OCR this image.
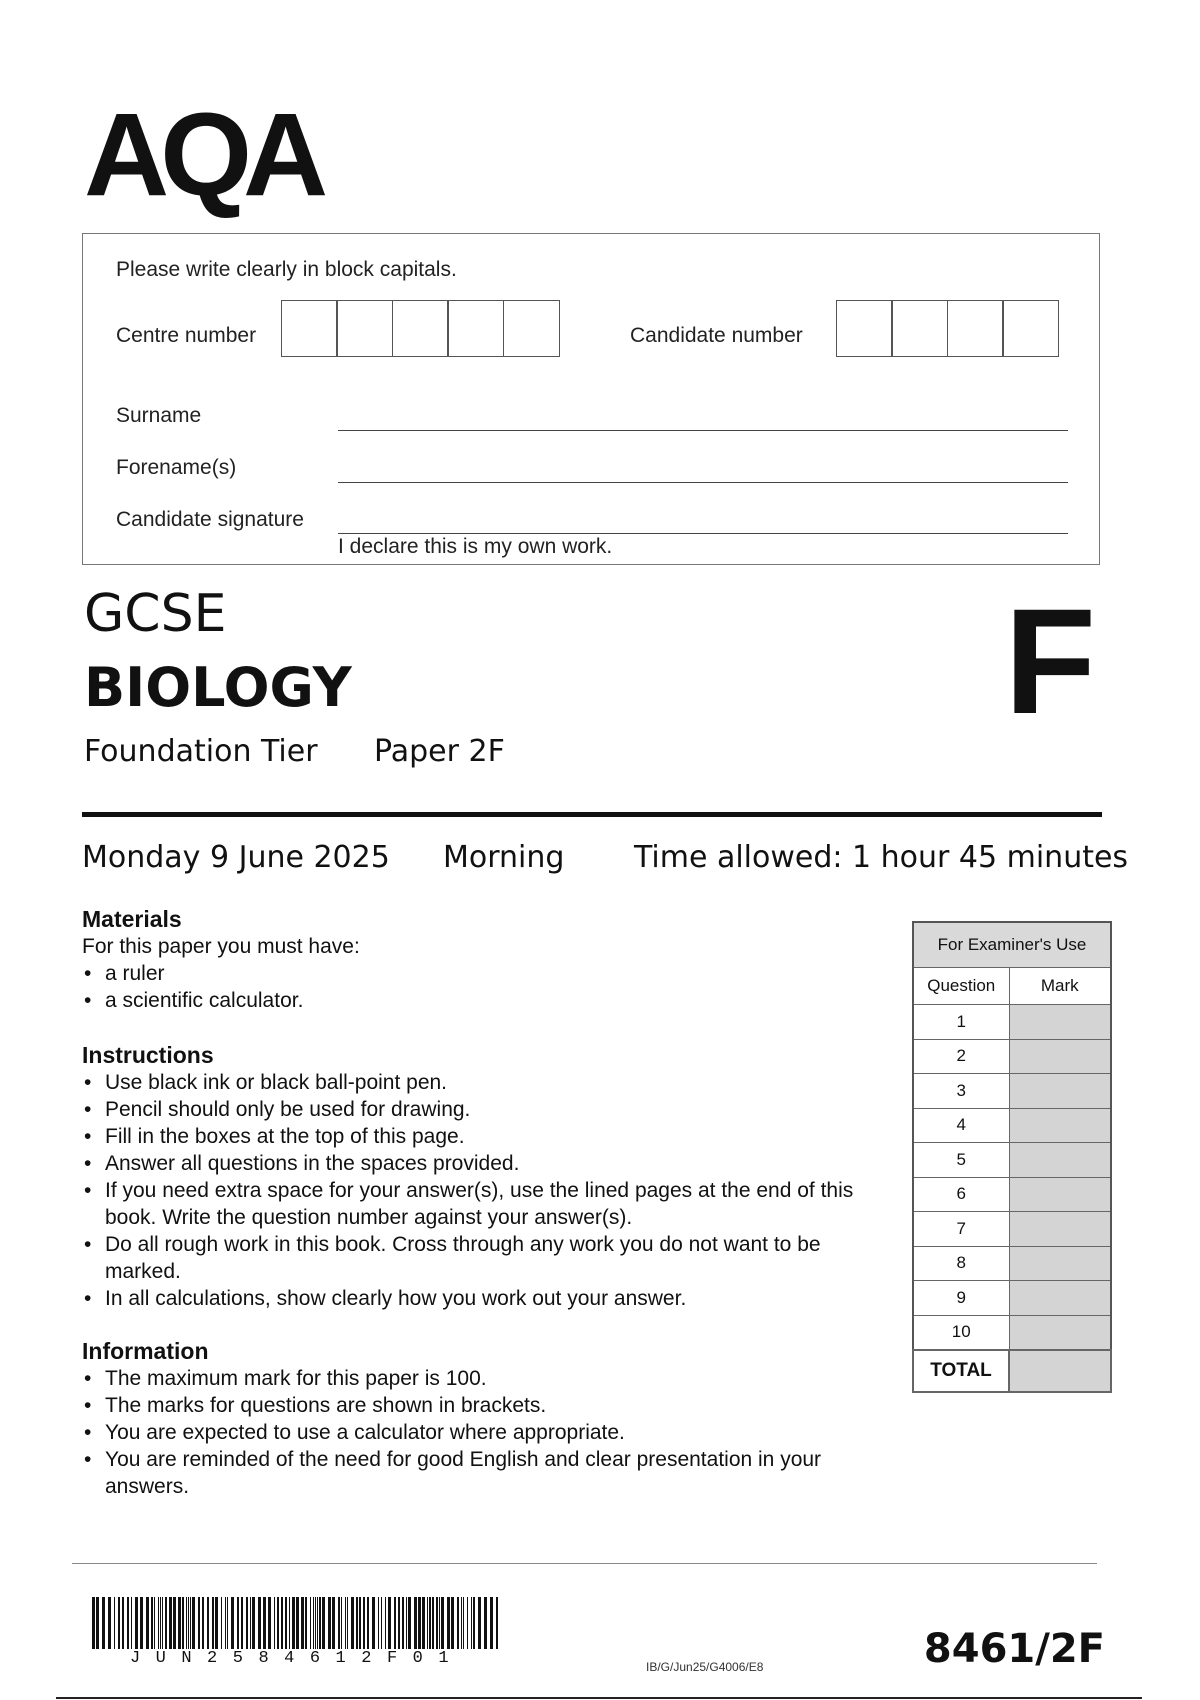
AQA
Please write clearly in block capitals.
Centre number	Candidate number
Surname
Forename(s)
Candidate signature
I declare this is my own work.
GCSE
BIOLOGY
Foundation Tier Paper 2F
F
Monday 9 June 2025 Morning Time allowed: 1 hour 45 minutes
Materials
For this paper you must have:
• a ruler
• a scientific calculator.
Instructions
• Use black ink or black ball-point pen.
• Pencil should only be used for drawing.
• Fill in the boxes at the top of this page.
• Answer all questions in the spaces provided.
• If you need extra space for your answer(s), use the lined pages at the end of this book. Write the question number against your answer(s).
• Do all rough work in this book. Cross through any work you do not want to be marked.
• In all calculations, show clearly how you work out your answer.
Information
• The maximum mark for this paper is 100.
• The marks for questions are shown in brackets.
• You are expected to use a calculator where appropriate.
• You are reminded of the need for good English and clear presentation in your answers.
For Examiner's Use	
Question	Mark
1	
2	
3	
4	
5	
6	
7	
8	
9	
10	
TOTAL	
JUN2584612F01	IB/G/Jun25/G4006/E8	8461/2F
